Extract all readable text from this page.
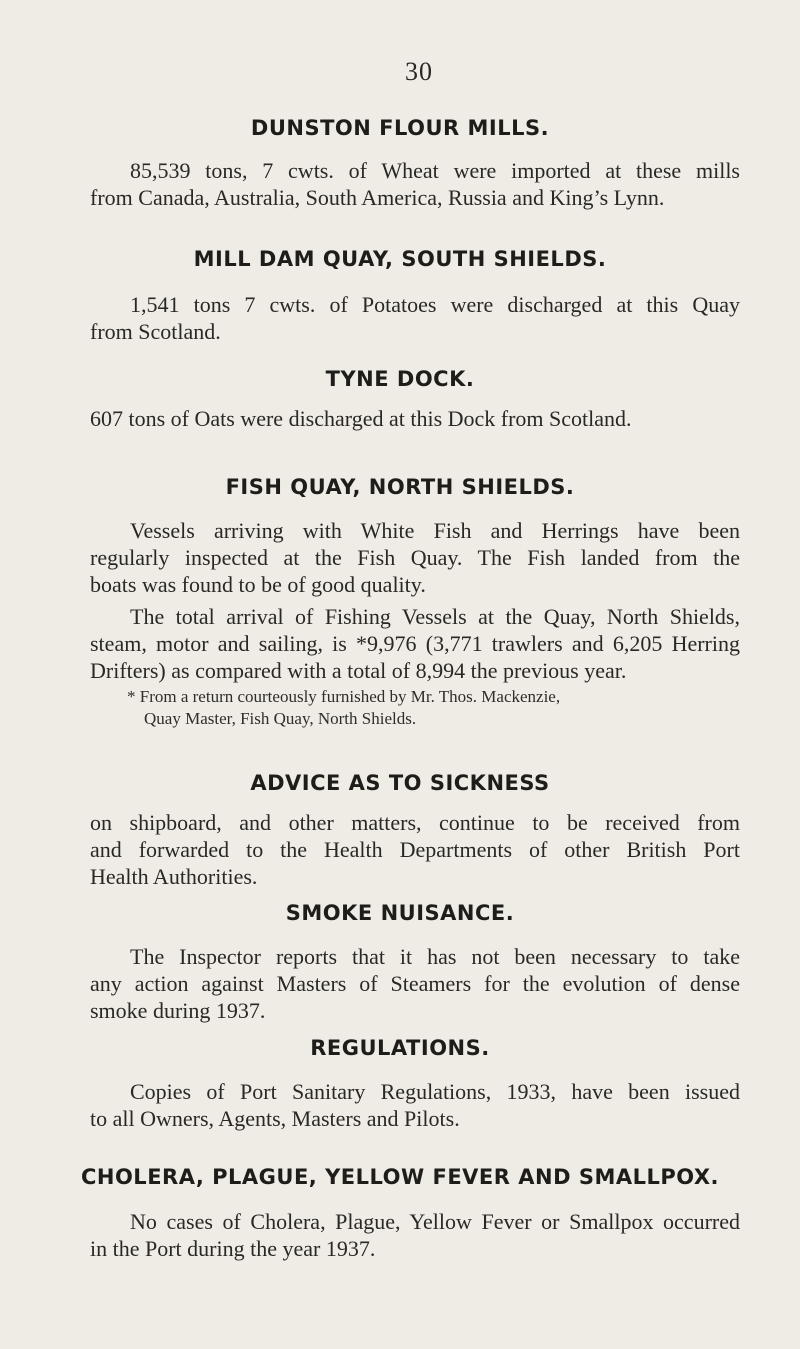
30
DUNSTON FLOUR MILLS.
85,539 tons, 7 cwts. of Wheat were imported at these mills
from Canada, Australia, South America, Russia and King’s Lynn.
MILL DAM QUAY, SOUTH SHIELDS.
1,541 tons 7 cwts. of Potatoes were discharged at this Quay
from Scotland.
TYNE DOCK.
607 tons of Oats were discharged at this Dock from Scotland.
FISH QUAY, NORTH SHIELDS.
Vessels arriving with White Fish and Herrings have been
regularly inspected at the Fish Quay. The Fish landed from the
boats was found to be of good quality.
The total arrival of Fishing Vessels at the Quay, North Shields,
steam, motor and sailing, is *9,976 (3,771 trawlers and 6,205 Herring
Drifters) as compared with a total of 8,994 the previous year.
* From a return courteously furnished by Mr. Thos. Mackenzie,
Quay Master, Fish Quay, North Shields.
ADVICE AS TO SICKNESS
on shipboard, and other matters, continue to be received from
and forwarded to the Health Departments of other British Port
Health Authorities.
SMOKE NUISANCE.
The Inspector reports that it has not been necessary to take
any action against Masters of Steamers for the evolution of dense
smoke during 1937.
REGULATIONS.
Copies of Port Sanitary Regulations, 1933, have been issued
to all Owners, Agents, Masters and Pilots.
CHOLERA, PLAGUE, YELLOW FEVER AND SMALLPOX.
No cases of Cholera, Plague, Yellow Fever or Smallpox occurred
in the Port during the year 1937.
